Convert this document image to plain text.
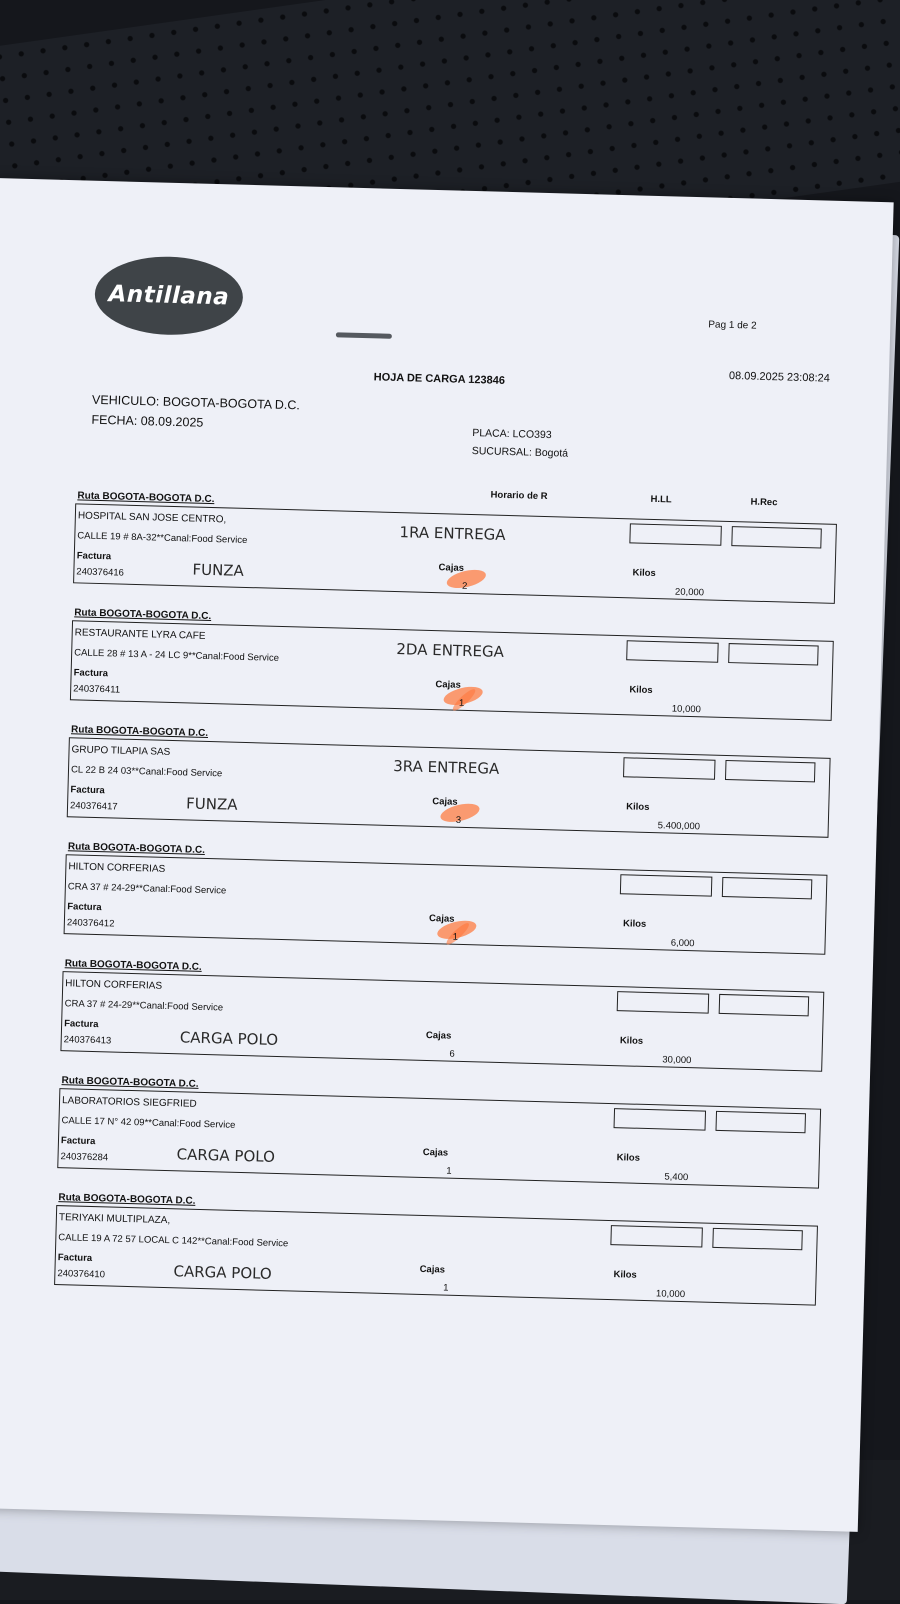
Antillana
Pag 1 de 2
HOJA DE CARGA 123846	08.09.2025 23:08:24
VEHICULO: BOGOTA-BOGOTA D.C.
FECHA: 08.09.2025
PLACA: LCO393
SUCURSAL: Bogotá
Horario de R	H.LL	H.Rec
Ruta BOGOTA-BOGOTA D.C.
HOSPITAL SAN JOSE CENTRO,
CALLE 19 # 8A-32**Canal:Food Service
Factura
240376416
1RA ENTREGA
FUNZA	Cajas
2
Kilos
20,000
Ruta BOGOTA-BOGOTA D.C.
RESTAURANTE LYRA CAFE
CALLE 28 # 13 A - 24 LC 9**Canal:Food Service
Factura
240376411
2DA ENTREGA
Cajas
1
Kilos
10,000
Ruta BOGOTA-BOGOTA D.C.
GRUPO TILAPIA SAS
CL 22 B 24 03**Canal:Food Service
Factura
240376417
3RA ENTREGA
FUNZA	Cajas
3
Kilos
5.400,000
Ruta BOGOTA-BOGOTA D.C.
HILTON CORFERIAS
CRA 37 # 24-29**Canal:Food Service
Factura
240376412	Cajas
1
Kilos
6,000
Ruta BOGOTA-BOGOTA D.C.
HILTON CORFERIAS
CRA 37 # 24-29**Canal:Food Service
Factura
240376413	CARGA POLO	Cajas
6
Kilos
30,000
Ruta BOGOTA-BOGOTA D.C.
LABORATORIOS SIEGFRIED
CALLE 17 N° 42 09**Canal:Food Service
Factura
240376284	CARGA POLO	Cajas
1
Kilos
5,400
Ruta BOGOTA-BOGOTA D.C.
TERIYAKI MULTIPLAZA,
CALLE 19 A 72 57 LOCAL C 142**Canal:Food Service
Factura
240376410	CARGA POLO	Cajas
1
Kilos
10,000
